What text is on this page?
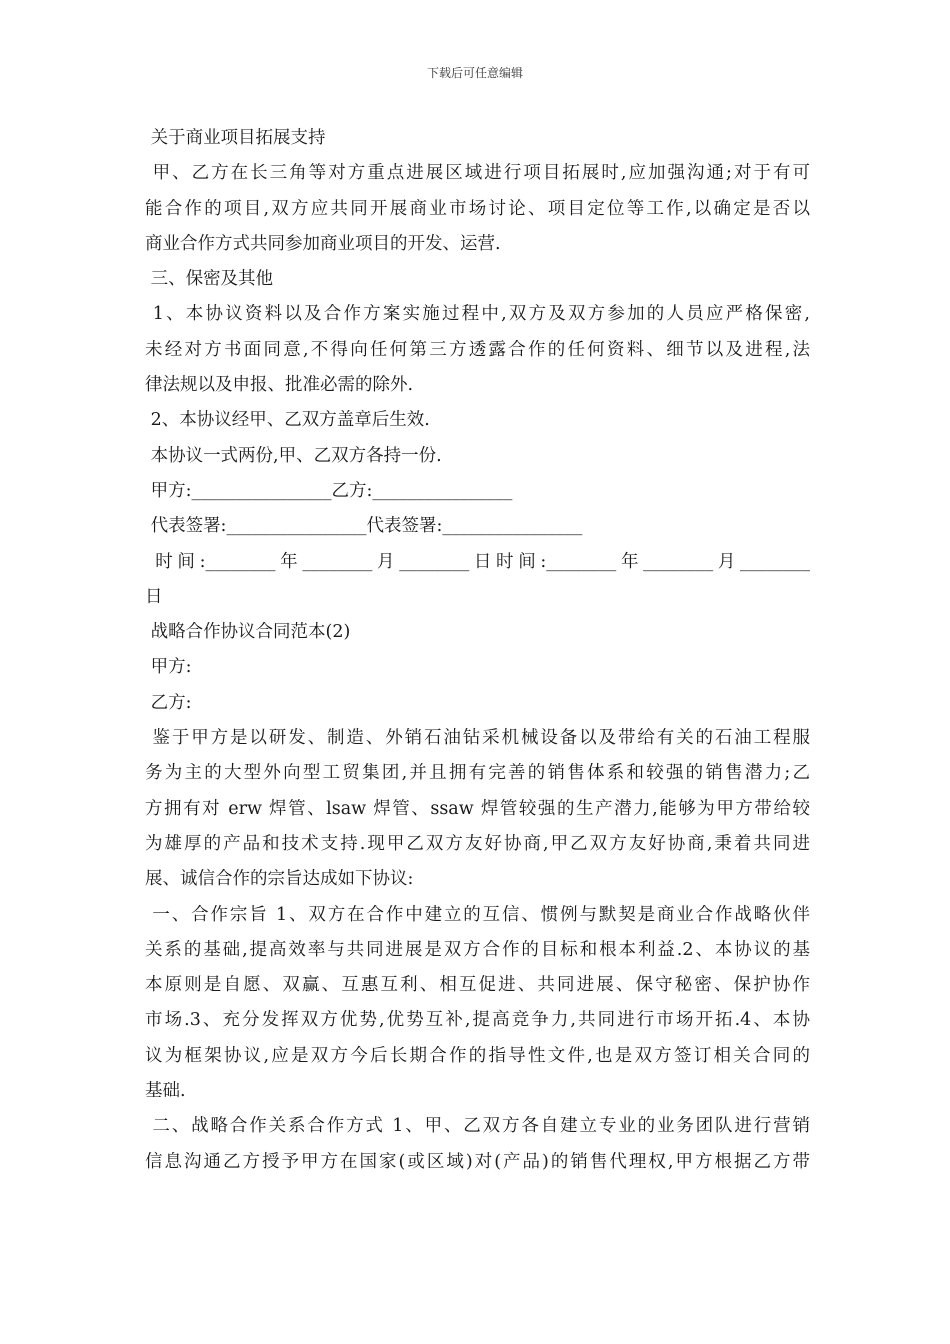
下载后可任意编辑
关于商业项目拓展支持
甲、乙方在长三角等对方重点进展区域进行项目拓展时,应加强沟通;对于有可
能合作的项目,双方应共同开展商业市场讨论、项目定位等工作,以确定是否以
商业合作方式共同参加商业项目的开发、运营.
三、保密及其他
1、本协议资料以及合作方案实施过程中,双方及双方参加的人员应严格保密,
未经对方书面同意,不得向任何第三方透露合作的任何资料、细节以及进程,法
律法规以及申报、批准必需的除外.
2、本协议经甲、乙双方盖章后生效.
本协议一式两份,甲、乙双方各持一份.
甲方:________________乙方:________________
代表签署:________________代表签署:________________
时间:________年________月________日时间:________年________月________
日
战略合作协议合同范本(2)
甲方:
乙方:
鉴于甲方是以研发、制造、外销石油钻采机械设备以及带给有关的石油工程服
务为主的大型外向型工贸集团,并且拥有完善的销售体系和较强的销售潜力;乙
方拥有对 erw 焊管、lsaw 焊管、ssaw 焊管较强的生产潜力,能够为甲方带给较
为雄厚的产品和技术支持.现甲乙双方友好协商,甲乙双方友好协商,秉着共同进
展、诚信合作的宗旨达成如下协议:
一、合作宗旨 1、双方在合作中建立的互信、惯例与默契是商业合作战略伙伴
关系的基础,提高效率与共同进展是双方合作的目标和根本利益.2、本协议的基
本原则是自愿、双赢、互惠互利、相互促进、共同进展、保守秘密、保护协作
市场.3、充分发挥双方优势,优势互补,提高竞争力,共同进行市场开拓.4、本协
议为框架协议,应是双方今后长期合作的指导性文件,也是双方签订相关合同的
基础.
二、战略合作关系合作方式 1、甲、乙双方各自建立专业的业务团队进行营销
信息沟通乙方授予甲方在国家(或区域)对(产品)的销售代理权,甲方根据乙方带
